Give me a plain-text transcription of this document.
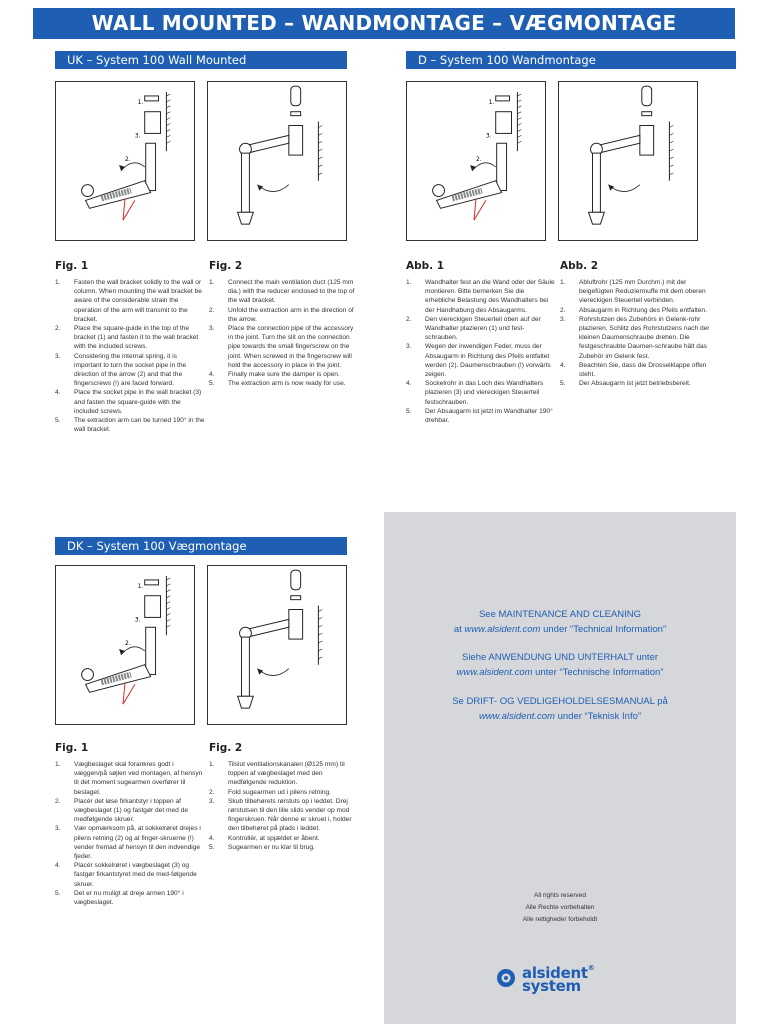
WALL MOUNTED – WANDMONTAGE – VÆGMONTAGE
UK – System 100 Wall Mounted
1.
3.
2.
Fig. 1
1. Fasten the wall bracket solidly to the wall or column. When mounting the wall bracket be aware of the considerable strain the operation of the arm will transmit to the bracket.
2. Place the square-guide in the top of the bracket (1) and fasten it to the wall bracket with the included screws.
3. Considering the internal spring, it is important to turn the socket pipe in the direction of the arrow (2) and that the fingerscrews (!) are faced forward.
4. Place the socket pipe in the wall bracket (3) and fasten the square-guide with the included screws.
5. The extraction arm can be turned 190° in the wall bracket.
Fig. 2
1. Connect the main ventilation duct (125 mm dia.) with the reducer enclosed to the top of the wall bracket.
2. Unfold the extraction arm in the direction of the arrow.
3. Place the connection pipe of the accessory in the joint. Turn the slit on the connection pipe towards the small fingerscrew on the joint. When screwed in the fingerscrew will hold the accessory in place in the joint.
4. Finally make sure the damper is open.
5. The extraction arm is now ready for use.
D – System 100 Wandmontage
1.
3.
2.
Abb. 1
1. Wandhalter fest an die Wand oder der Säule montieren. Bitte bemerken Sie die erhebliche Belastung des Wandhalters bei der Handhabung des Absaugarms.
2. Den viereckigen Steuerteil oben auf der Wandhalter plazieren (1) und fest-schrauben.
3. Wegen der inwendigen Feder, muss der Absaugarm in Richtung des Pfeils entfaltet werden (2). Daumenschrauben (!) vorwärts zeigen.
4. Sockelrohr in das Loch des Wandhalters plazieren (3) und viereckigen Steuerteil festschrauben.
5. Der Absaugarm ist jetzt im Wandhalter 190° drehbar.
Abb. 2
1. Abluftrohr (125 mm Durchm.) mit der beigefügten Reduziermuffe mit dem oberen viereckigen Steuerteil verbinden.
2. Absaugarm in Richtung des Pfeils entfalten.
3. Rohrstutzen des Zubehörs in Gelenk-rohr plazieren. Schlitz des Rohrstutzens nach der kleinen Daumenschraube drehen. Die festgeschraubte Daumen-schraube hält das Zubehör im Gelenk fest.
4. Beachten Sie, dass die Drosselklappe offen steht.
5. Der Absaugarm ist jetzt betriebsbereit.
DK – System 100 Vægmontage
1.
3.
2.
Fig. 1
1. Vægbeslaget skal forankres godt i væggen/på søjlen ved montagen, af hensyn til det moment sugearmen overfører til beslaget.
2. Placér det løse firkantstyr i toppen af vægbeslaget (1) og fastgør det med de medfølgende skruer.
3. Vær opmærksom på, at sokkelrøret drejes i pilens retning (2) og at finger-skruerne (!) vender fremad af hensyn til den indvendige fjeder.
4. Placér sokkelrøret i vægbeslaget (3) og fastgør firkantstyret med de med-følgende skruer.
5. Det er nu muligt at dreje armen 190° i vægbeslaget.
Fig. 2
1. Tilslut ventilationskanalen (Ø125 mm) til toppen af vægbeslaget med den medfølgende reduktion.
2. Fold sugearmen ud i pilens retning.
3. Skub tilbehørets rørstuts op i leddet. Drej rørstutsen til den lille slids vender op mod fingerskruen. Når denne er skruet i, holder den tilbehøret på plads i leddet.
4. Kontrollér, at spjældet er åbent.
5. Sugearmen er nu klar til brug.
See MAINTENANCE AND CLEANING
at www.alsident.com under “Technical Information”
Siehe ANWENDUNG UND UNTERHALT unter
www.alsident.com unter “Technische Information”
Se DRIFT- OG VEDLIGEHOLDELSESMANUAL på
www.alsident.com under “Teknisk Info”
All rights reserved
Alle Rechte vorbehalten
Alle rettigheder forbeholdt
alsident®
system
